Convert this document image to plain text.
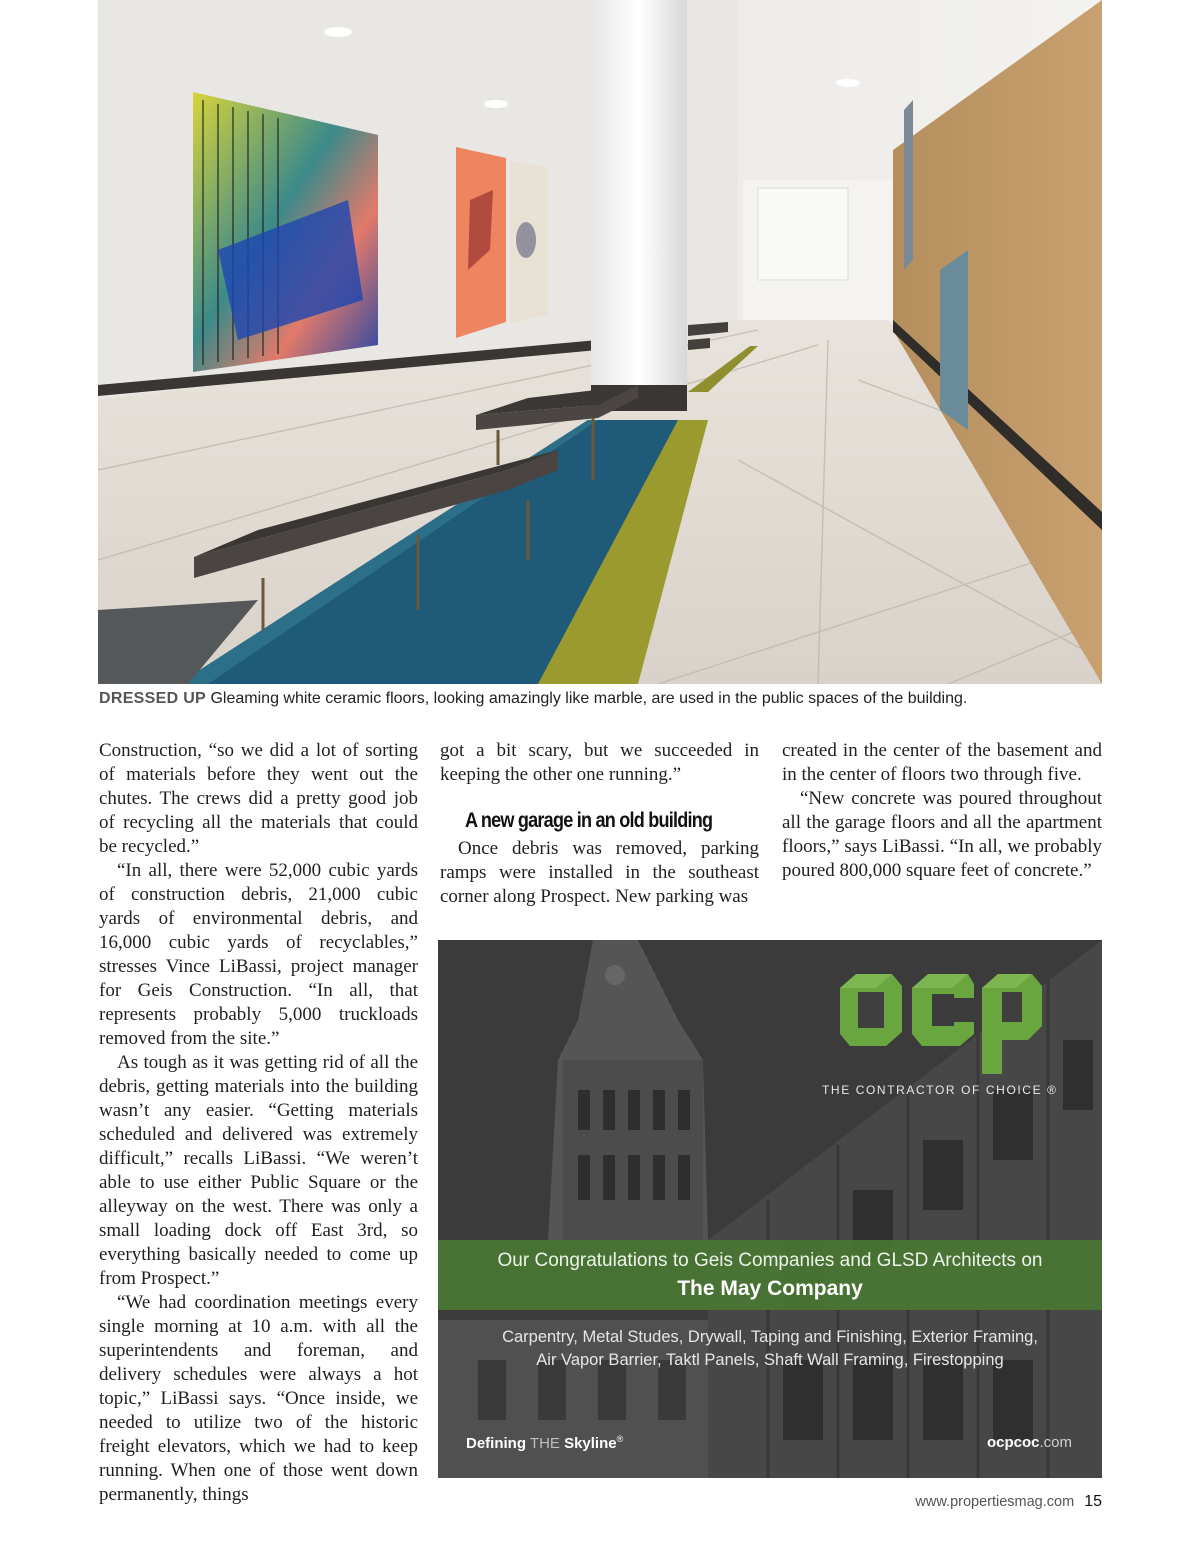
DRESSED UP Gleaming white ceramic floors, looking amazingly like marble, are used in the public spaces of the building.

Construction, “so we did a lot of sorting of materials before they went out the chutes. The crews did a pretty good job of recycling all the materials that could be recycled.”

“In all, there were 52,000 cubic yards of construction debris, 21,000 cubic yards of environmental debris, and 16,000 cubic yards of recyclables,” stresses Vince LiBassi, project manager for Geis Construction. “In all, that represents probably 5,000 truckloads removed from the site.”

As tough as it was getting rid of all the debris, getting materials into the building wasn’t any easier. “Getting materials scheduled and delivered was extremely difficult,” recalls LiBassi. “We weren’t able to use either Public Square or the alleyway on the west. There was only a small loading dock off East 3rd, so everything basically needed to come up from Prospect.”

“We had coordination meetings every single morning at 10 a.m. with all the superintendents and foreman, and delivery schedules were always a hot topic,” LiBassi says. “Once inside, we needed to utilize two of the historic freight elevators, which we had to keep running. When one of those went down permanently, things

got a bit scary, but we succeeded in keeping the other one running.”

A new garage in an old building

Once debris was removed, parking ramps were installed in the southeast corner along Prospect. New parking was

created in the center of the basement and in the center of floors two through five.

“New concrete was poured throughout all the garage floors and all the apartment floors,” says LiBassi. “In all, we probably poured 800,000 square feet of concrete.”

THE CONTRACTOR OF CHOICE ®
Our Congratulations to Geis Companies and GLSD Architects on
The May Company
Carpentry, Metal Studes, Drywall, Taping and Finishing, Exterior Framing,
Air Vapor Barrier, Taktl Panels, Shaft Wall Framing, Firestopping
Defining THE Skyline®	ocpcoc.com
www.propertiesmag.com 15
